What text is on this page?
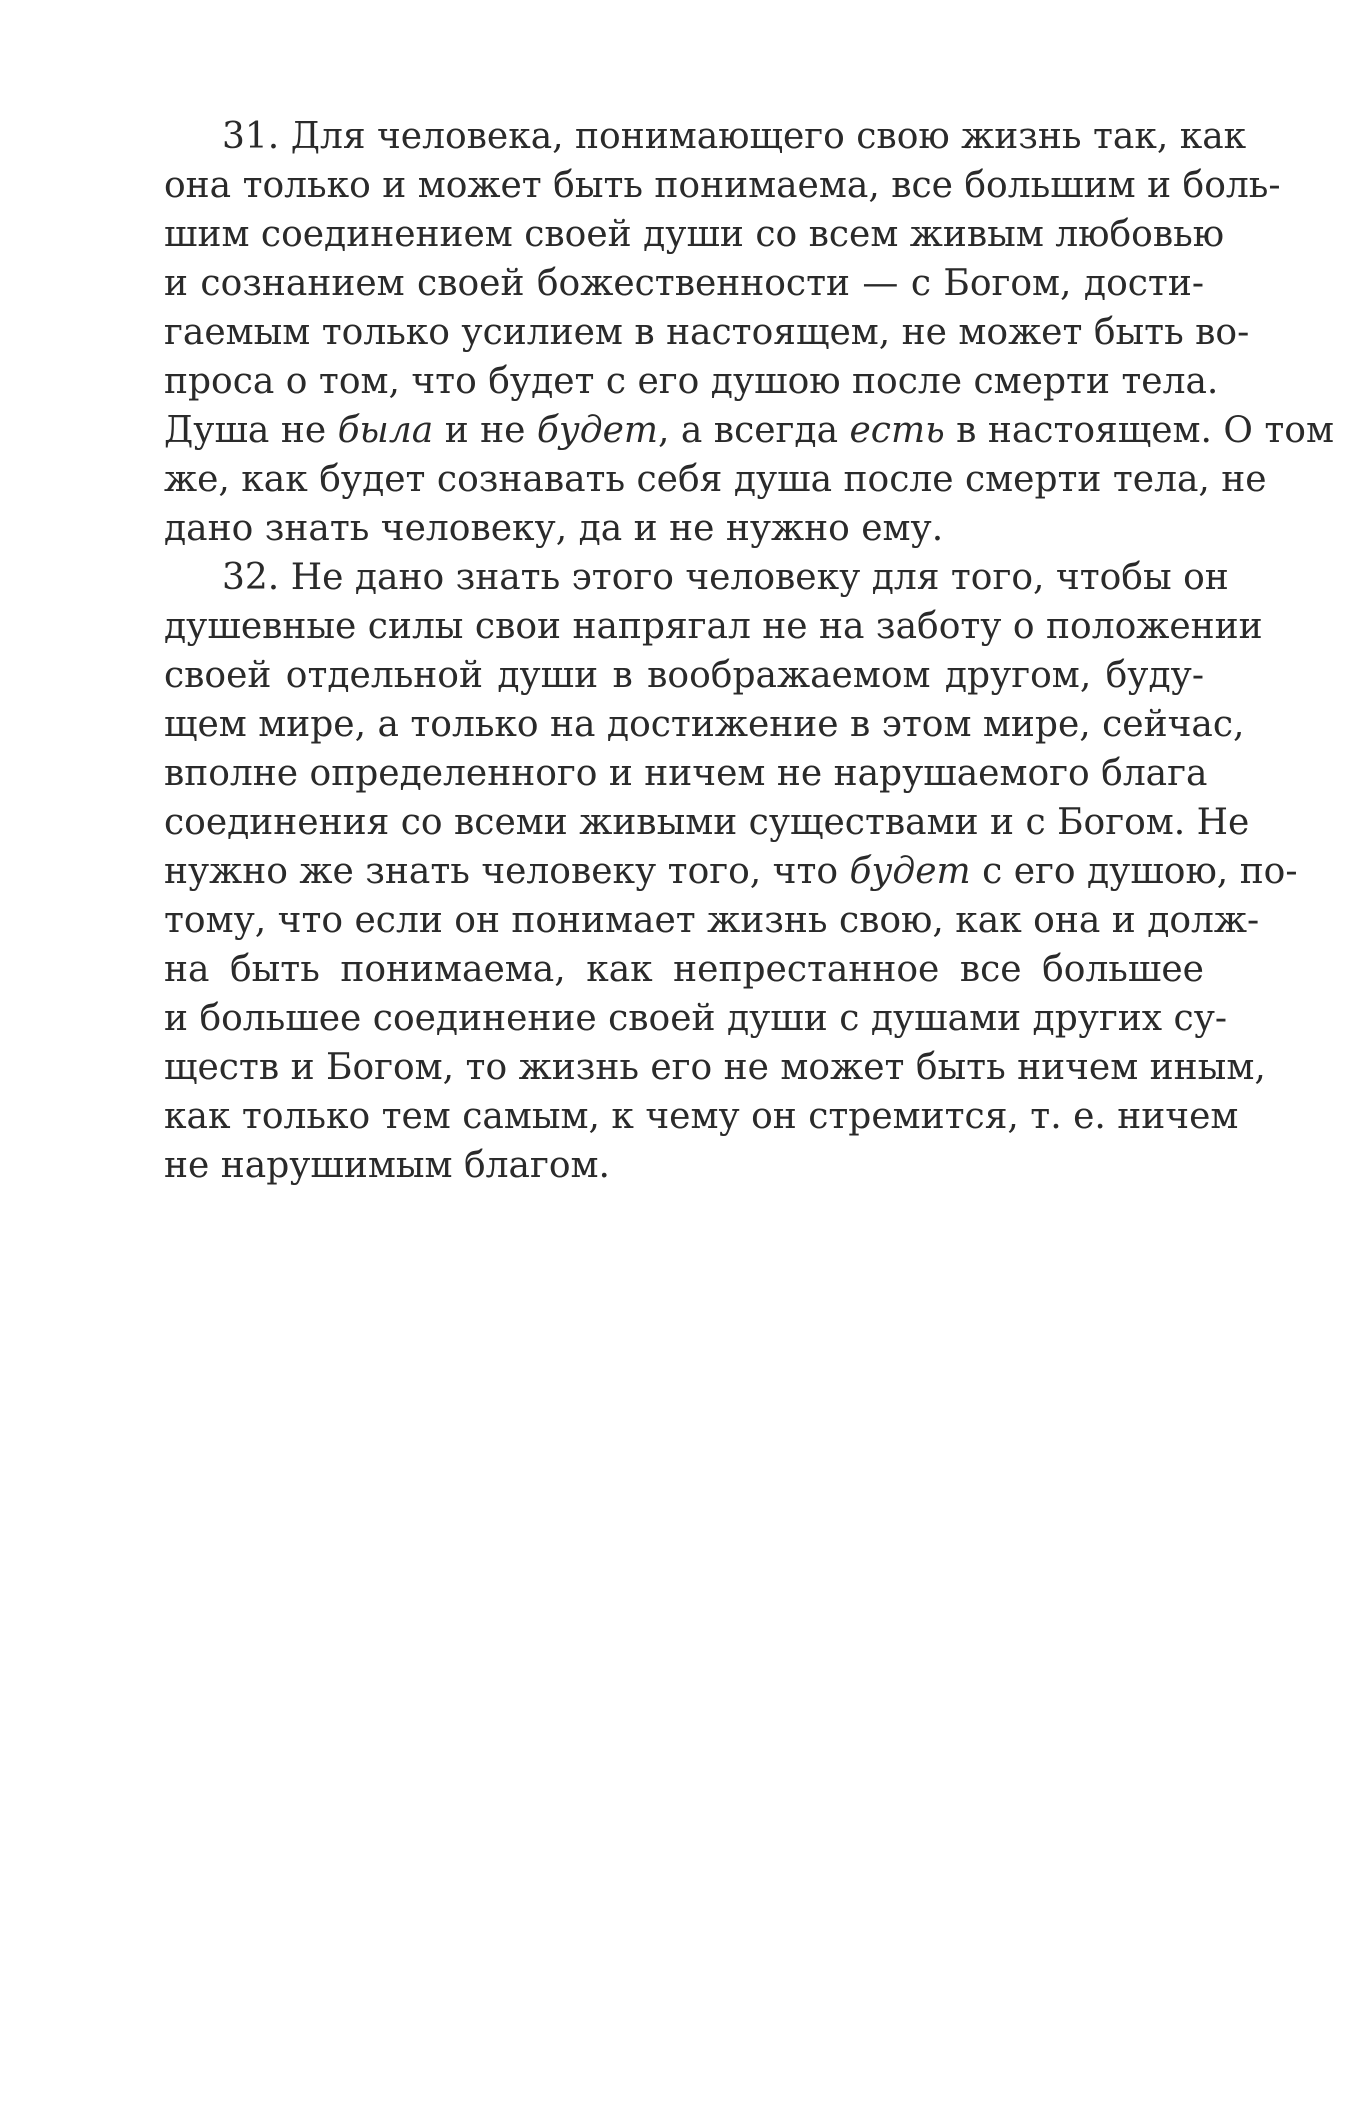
31. Для человека, понимающего свою жизнь так, как
она только и может быть понимаема, все большим и боль-
шим соединением своей души со всем живым любовью
и сознанием своей божественности — с Богом, дости-
гаемым только усилием в настоящем, не может быть во-
проса о том, что будет с его душою после смерти тела.
Душа не была и не будет, а всегда есть в настоящем. О том
же, как будет сознавать себя душа после смерти тела, не
дано знать человеку, да и не нужно ему.
32. Не дано знать этого человеку для того, чтобы он
душевные силы свои напрягал не на заботу о положении
своей отдельной души в воображаемом другом, буду-
щем мире, а только на достижение в этом мире, сейчас,
вполне определенного и ничем не нарушаемого блага
соединения со всеми живыми существами и с Богом. Не
нужно же знать человеку того, что будет с его душою, по-
тому, что если он понимает жизнь свою, как она и долж-
на быть понимаема, как непрестанное все большее
и большее соединение своей души с душами других су-
ществ и Богом, то жизнь его не может быть ничем иным,
как только тем самым, к чему он стремится, т. е. ничем
не нарушимым благом.
